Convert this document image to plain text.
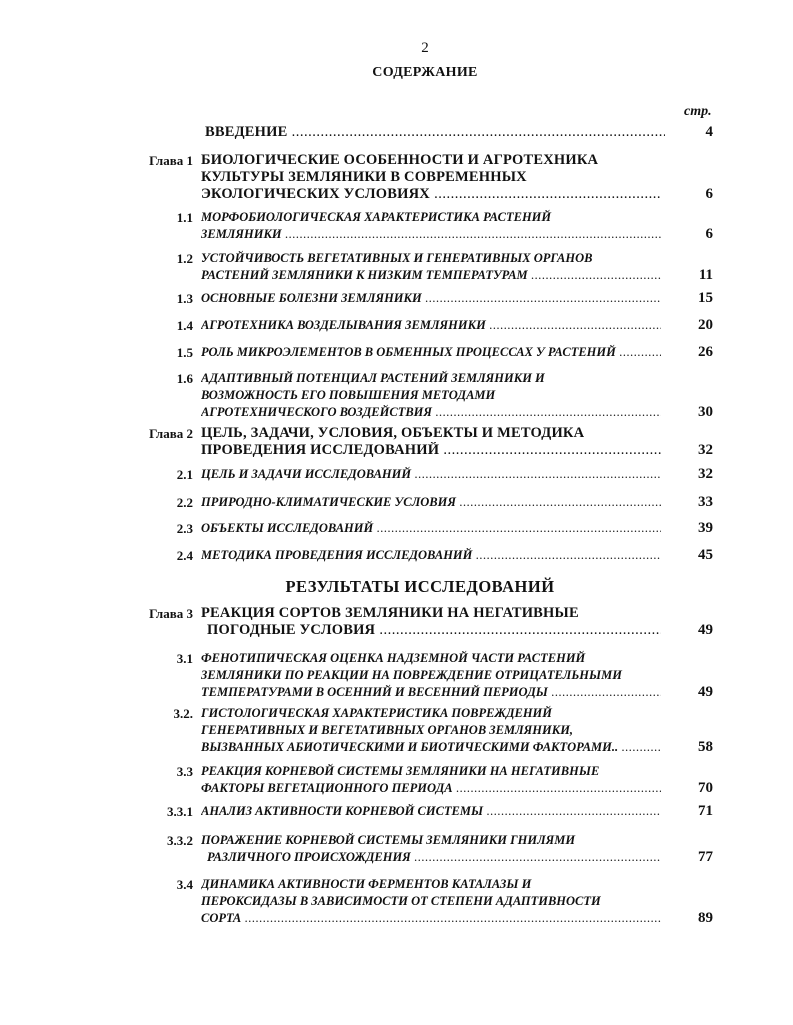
2
СОДЕРЖАНИЕ
стр.
ВВЕДЕНИЕ .....	4
Глава 1 БИОЛОГИЧЕСКИЕ ОСОБЕННОСТИ И АГРОТЕХНИКА
КУЛЬТУРЫ ЗЕМЛЯНИКИ В СОВРЕМЕННЫХ
ЭКОЛОГИЧЕСКИХ УСЛОВИЯХ .....	6
1.1 МОРФОБИОЛОГИЧЕСКАЯ ХАРАКТЕРИСТИКА РАСТЕНИЙ
ЗЕМЛЯНИКИ .....	6
1.2 УСТОЙЧИВОСТЬ ВЕГЕТАТИВНЫХ И ГЕНЕРАТИВНЫХ ОРГАНОВ
РАСТЕНИЙ ЗЕМЛЯНИКИ К НИЗКИМ ТЕМПЕРАТУРАМ .....	11
1.3 ОСНОВНЫЕ БОЛЕЗНИ ЗЕМЛЯНИКИ .....	15
1.4 АГРОТЕХНИКА ВОЗДЕЛЫВАНИЯ ЗЕМЛЯНИКИ .....	20
1.5 РОЛЬ МИКРОЭЛЕМЕНТОВ В ОБМЕННЫХ ПРОЦЕССАХ У РАСТЕНИЙ .....	26
1.6 АДАПТИВНЫЙ ПОТЕНЦИАЛ РАСТЕНИЙ ЗЕМЛЯНИКИ И
ВОЗМОЖНОСТЬ ЕГО ПОВЫШЕНИЯ МЕТОДАМИ
АГРОТЕХНИЧЕСКОГО ВОЗДЕЙСТВИЯ .....	30
Глава 2 ЦЕЛЬ, ЗАДАЧИ, УСЛОВИЯ, ОБЪЕКТЫ И МЕТОДИКА
ПРОВЕДЕНИЯ ИССЛЕДОВАНИЙ .....	32
2.1 ЦЕЛЬ И ЗАДАЧИ ИССЛЕДОВАНИЙ .....	32
2.2 ПРИРОДНО-КЛИМАТИЧЕСКИЕ УСЛОВИЯ .....	33
2.3 ОБЪЕКТЫ ИССЛЕДОВАНИЙ .....	39
2.4 МЕТОДИКА ПРОВЕДЕНИЯ ИССЛЕДОВАНИЙ .....	45
Глава 3 РЕАКЦИЯ СОРТОВ ЗЕМЛЯНИКИ НА НЕГАТИВНЫЕ
ПОГОДНЫЕ УСЛОВИЯ .....	49
3.1 ФЕНОТИПИЧЕСКАЯ ОЦЕНКА НАДЗЕМНОЙ ЧАСТИ РАСТЕНИЙ
ЗЕМЛЯНИКИ ПО РЕАКЦИИ НА ПОВРЕЖДЕНИЕ ОТРИЦАТЕЛЬНЫМИ
ТЕМПЕРАТУРАМИ В ОСЕННИЙ И ВЕСЕННИЙ ПЕРИОДЫ .....	49
3.2. ГИСТОЛОГИЧЕСКАЯ ХАРАКТЕРИСТИКА ПОВРЕЖДЕНИЙ
ГЕНЕРАТИВНЫХ И ВЕГЕТАТИВНЫХ ОРГАНОВ ЗЕМЛЯНИКИ,
ВЫЗВАННЫХ АБИОТИЧЕСКИМИ И БИОТИЧЕСКИМИ ФАКТОРАМИ.. .....	58
3.3 РЕАКЦИЯ КОРНЕВОЙ СИСТЕМЫ ЗЕМЛЯНИКИ НА НЕГАТИВНЫЕ
ФАКТОРЫ ВЕГЕТАЦИОННОГО ПЕРИОДА .....	70
3.3.1 АНАЛИЗ АКТИВНОСТИ КОРНЕВОЙ СИСТЕМЫ .....	71
3.3.2 ПОРАЖЕНИЕ КОРНЕВОЙ СИСТЕМЫ ЗЕМЛЯНИКИ ГНИЛЯМИ
РАЗЛИЧНОГО ПРОИСХОЖДЕНИЯ .....	77
3.4 ДИНАМИКА АКТИВНОСТИ ФЕРМЕНТОВ КАТАЛАЗЫ И
ПЕРОКСИДАЗЫ В ЗАВИСИМОСТИ ОТ СТЕПЕНИ АДАПТИВНОСТИ
СОРТА .....	89
РЕЗУЛЬТАТЫ ИССЛЕДОВАНИЙ
